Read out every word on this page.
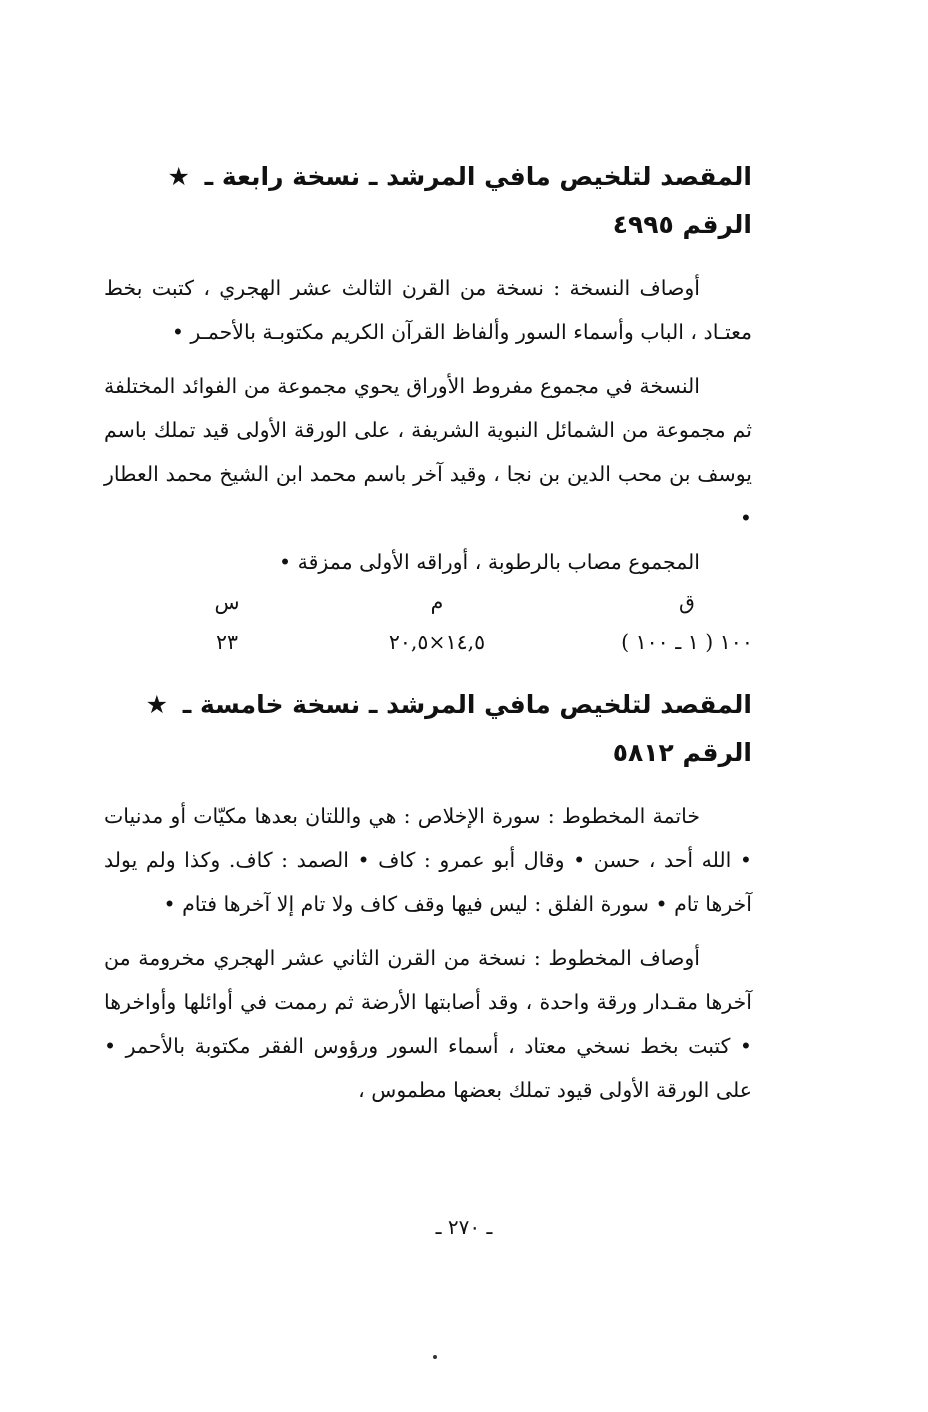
المقصد لتلخيص مافي المرشد ـ نسخة رابعة ـ ★
الرقم ٤٩٩٥

أوصاف النسخة : نسخة من القرن الثالث عشر الهجري ، كتبت بخط معتـاد ، الباب وأسماء السور وألفاظ القرآن الكريم مكتوبـة بالأحمـر •

النسخة في مجموع مفروط الأوراق يحوي مجموعة من الفوائد المختلفة ثم مجموعة من الشمائل النبوية الشريفة ، على الورقة الأولى قيد تملك باسم يوسف بن محب الدين بن نجا ، وقيد آخر باسم محمد ابن الشيخ محمد العطار •

المجموع مصاب بالرطوبة ، أوراقه الأولى ممزقة •

ق
م
س
١٠٠ ( ١ ـ ١٠٠ )
١٤,٥×٢٠,٥
٢٣
المقصد لتلخيص مافي المرشد ـ نسخة خامسة ـ ★
الرقم ٥٨١٢

خاتمة المخطوط : سورة الإخلاص : هي واللتان بعدها مكيّات أو مدنيات • الله أحد ، حسن • وقال أبو عمرو : كاف • الصمد : كاف. وكذا ولم يولد آخرها تام • سورة الفلق : ليس فيها وقف كاف ولا تام إلا آخرها فتام •

أوصاف المخطوط : نسخة من القرن الثاني عشر الهجري مخرومة من آخرها مقـدار ورقة واحدة ، وقد أصابتها الأرضة ثم رممت في أوائلها وأواخرها • كتبت بخط نسخي معتاد ، أسماء السور ورؤوس الفقر مكتوبة بالأحمر • على الورقة الأولى قيود تملك بعضها مطموس ،

ـ ٢٧٠ ـ
